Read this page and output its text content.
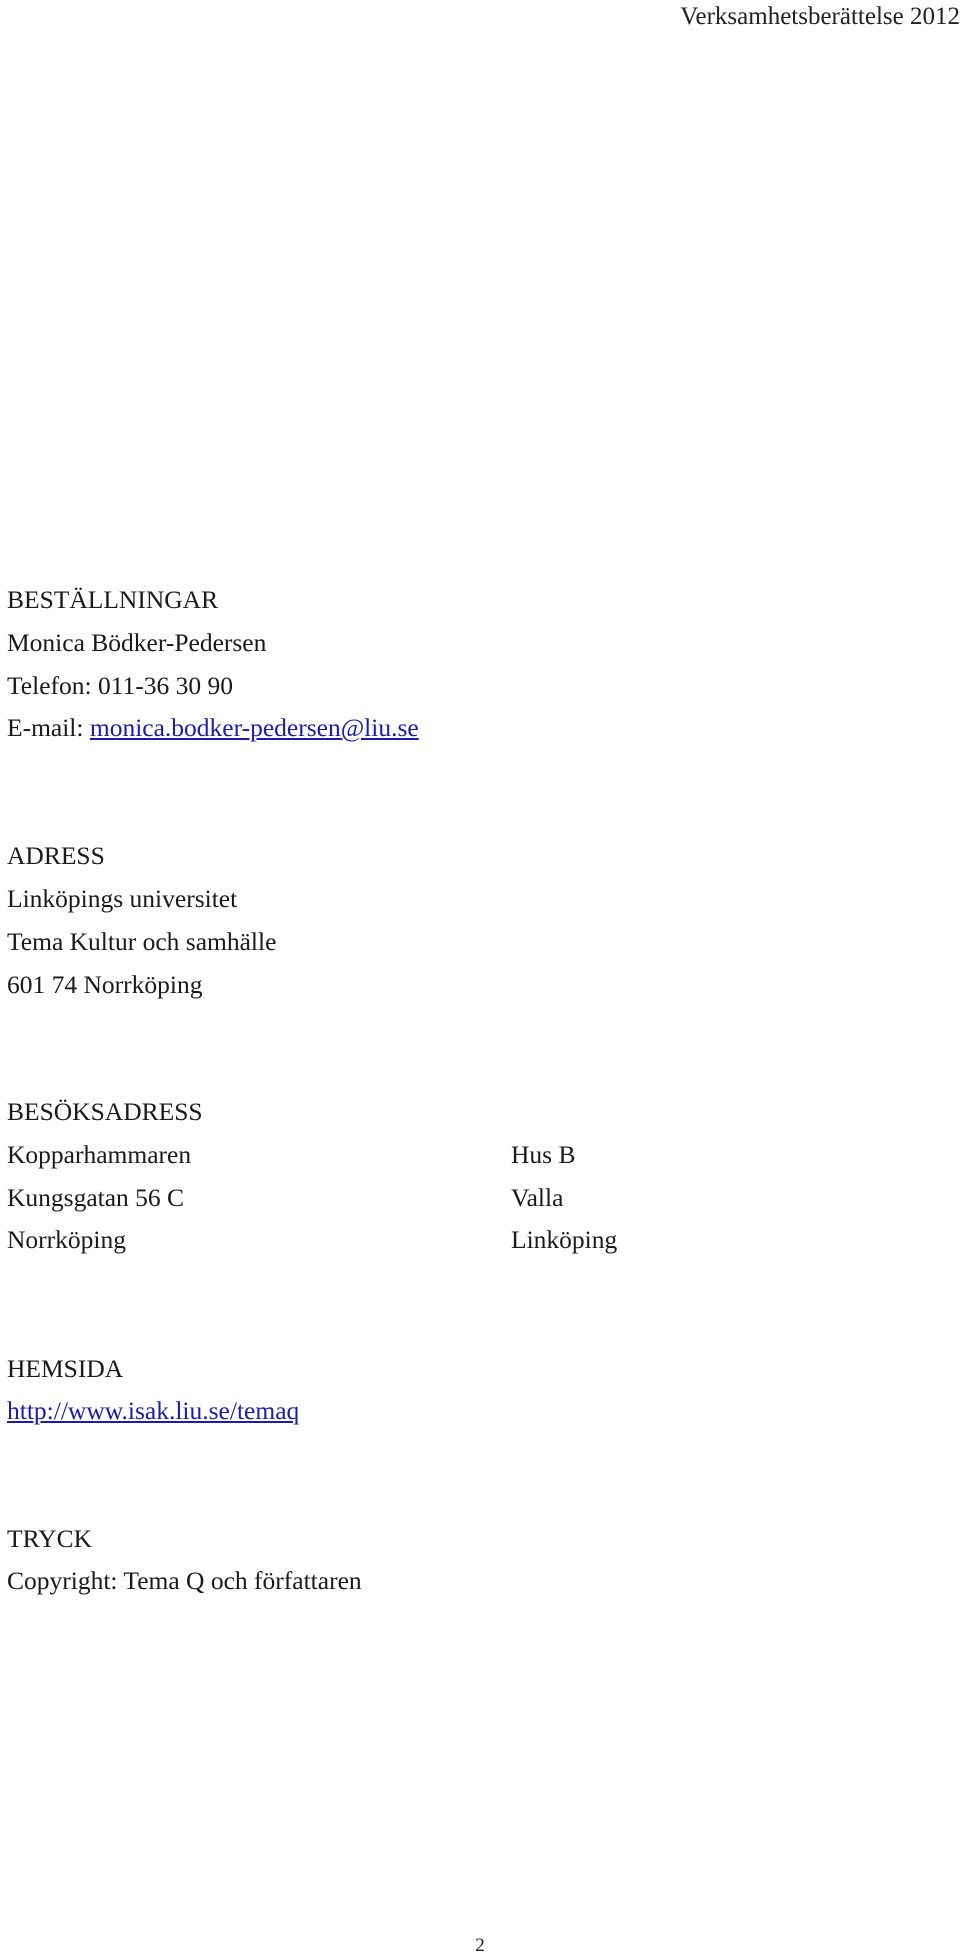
Verksamhetsberättelse 2012
BESTÄLLNINGAR
Monica Bödker-Pedersen
Telefon: 011-36 30 90
E-mail: monica.bodker-pedersen@liu.se
ADRESS
Linköpings universitet
Tema Kultur och samhälle
601 74 Norrköping
BESÖKSADRESS
Kopparhammaren
Kungsgatan 56 C
Norrköping
Hus B
Valla
Linköping
HEMSIDA
http://www.isak.liu.se/temaq
TRYCK
Copyright: Tema Q och författaren
2
